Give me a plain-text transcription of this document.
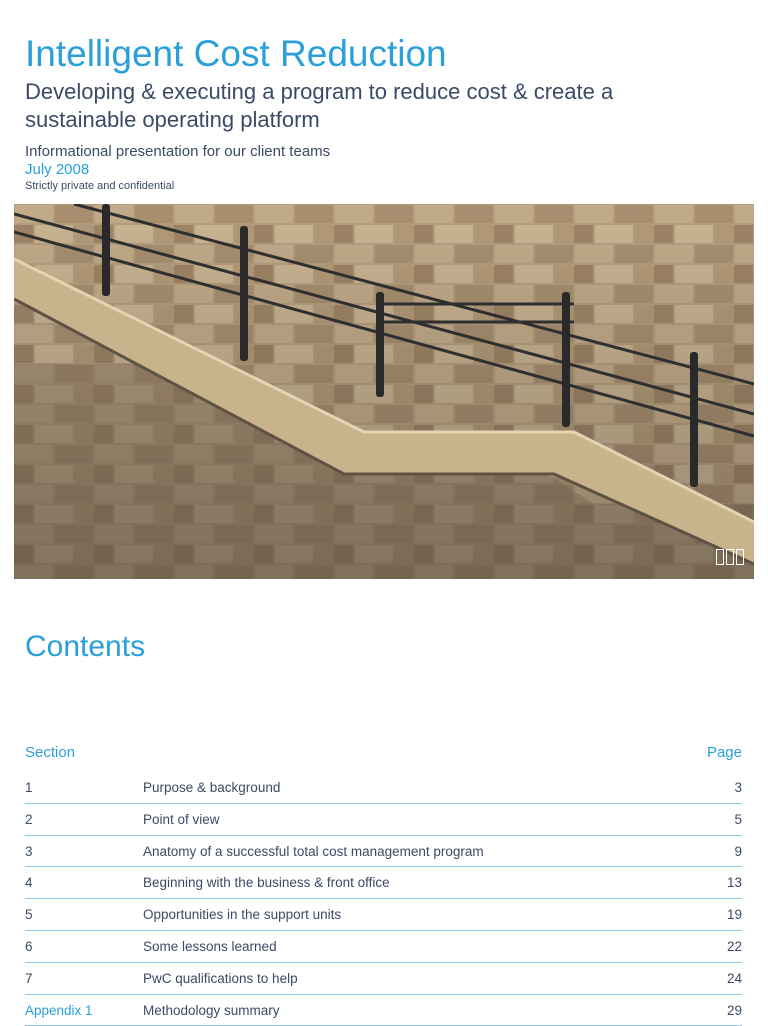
Intelligent Cost Reduction

Developing & executing a program to reduce cost & create a sustainable operating platform

Informational presentation for our client teams
July 2008
Strictly private and confidential
Contents
Section	Page
1	Purpose & background	3
2	Point of view	5
3	Anatomy of a successful total cost management program	9
4	Beginning with the business & front office	13
5	Opportunities in the support units	19
6	Some lessons learned	22
7	PwC qualifications to help	24
Appendix 1	Methodology summary	29
